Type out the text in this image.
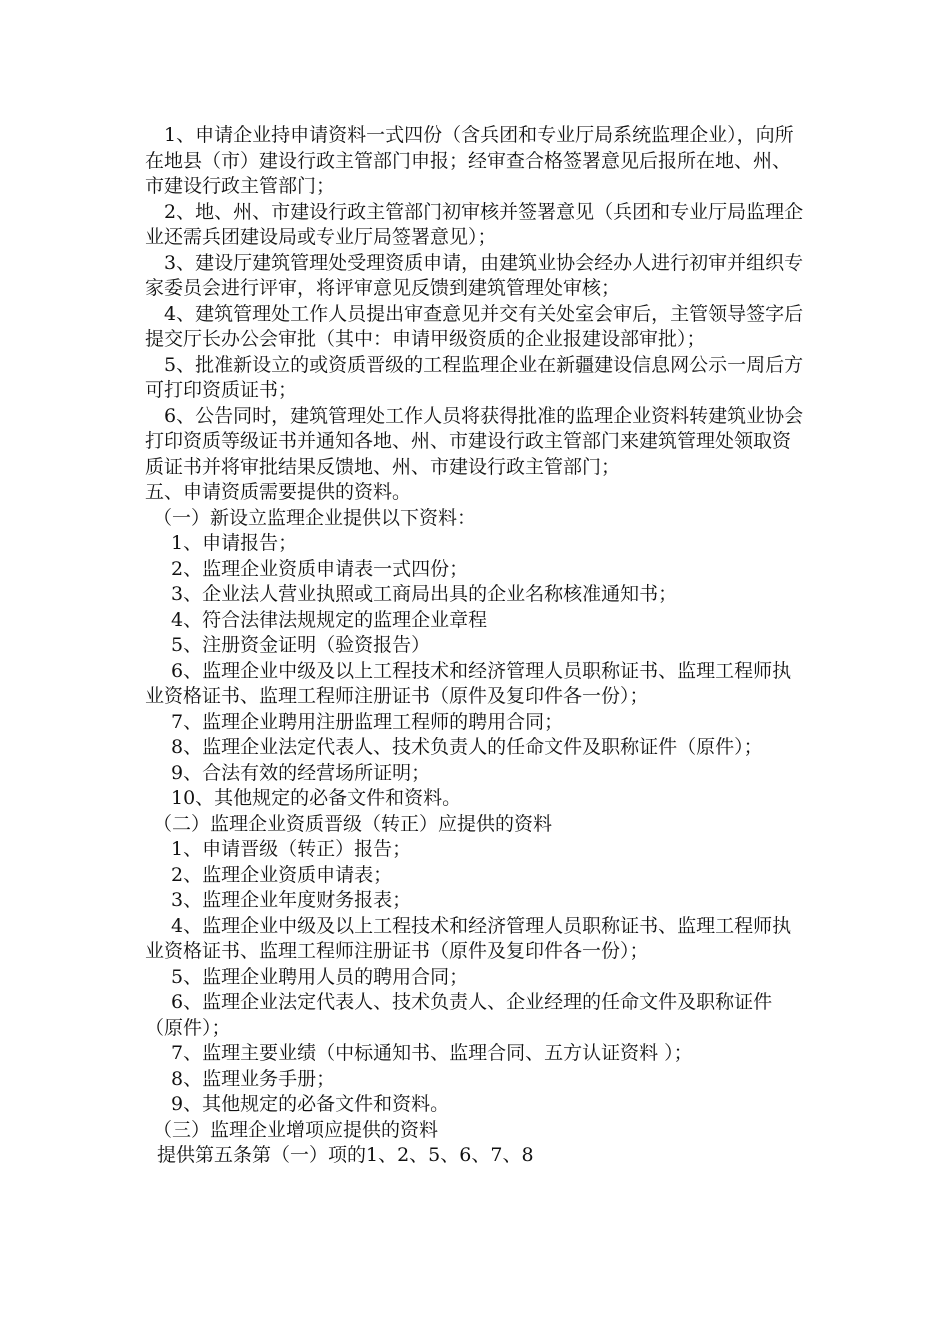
1、申请企业持申请资料一式四份（含兵团和专业厅局系统监理企业），向所在地县（市）建设行政主管部门申报；经审查合格签署意见后报所在地、州、市建设行政主管部门；

2、地、州、市建设行政主管部门初审核并签署意见（兵团和专业厅局监理企业还需兵团建设局或专业厅局签署意见）；

3、建设厅建筑管理处受理资质申请，由建筑业协会经办人进行初审并组织专家委员会进行评审，将评审意见反馈到建筑管理处审核；

4、建筑管理处工作人员提出审查意见并交有关处室会审后，主管领导签字后提交厅长办公会审批（其中：申请甲级资质的企业报建设部审批）；

5、批准新设立的或资质晋级的工程监理企业在新疆建设信息网公示一周后方可打印资质证书；

6、公告同时，建筑管理处工作人员将获得批准的监理企业资料转建筑业协会打印资质等级证书并通知各地、州、市建设行政主管部门来建筑管理处领取资质证书并将审批结果反馈地、州、市建设行政主管部门；

五、申请资质需要提供的资料。

（一）新设立监理企业提供以下资料：

1、申请报告；

2、监理企业资质申请表一式四份；

3、企业法人营业执照或工商局出具的企业名称核准通知书；

4、符合法律法规规定的监理企业章程

5、注册资金证明（验资报告）

6、监理企业中级及以上工程技术和经济管理人员职称证书、监理工程师执业资格证书、监理工程师注册证书（原件及复印件各一份）；

7、监理企业聘用注册监理工程师的聘用合同；

8、监理企业法定代表人、技术负责人的任命文件及职称证件（原件）；

9、合法有效的经营场所证明；

10、其他规定的必备文件和资料。

（二）监理企业资质晋级（转正）应提供的资料

1、申请晋级（转正）报告；

2、监理企业资质申请表；

3、监理企业年度财务报表；

4、监理企业中级及以上工程技术和经济管理人员职称证书、监理工程师执业资格证书、监理工程师注册证书（原件及复印件各一份）；

5、监理企业聘用人员的聘用合同；

6、监理企业法定代表人、技术负责人、企业经理的任命文件及职称证件（原件）；

7、监理主要业绩（中标通知书、监理合同、五方认证资料 ）；

8、监理业务手册；

9、其他规定的必备文件和资料。

（三）监理企业增项应提供的资料

提供第五条第（一）项的1、2、5、6、7、8
